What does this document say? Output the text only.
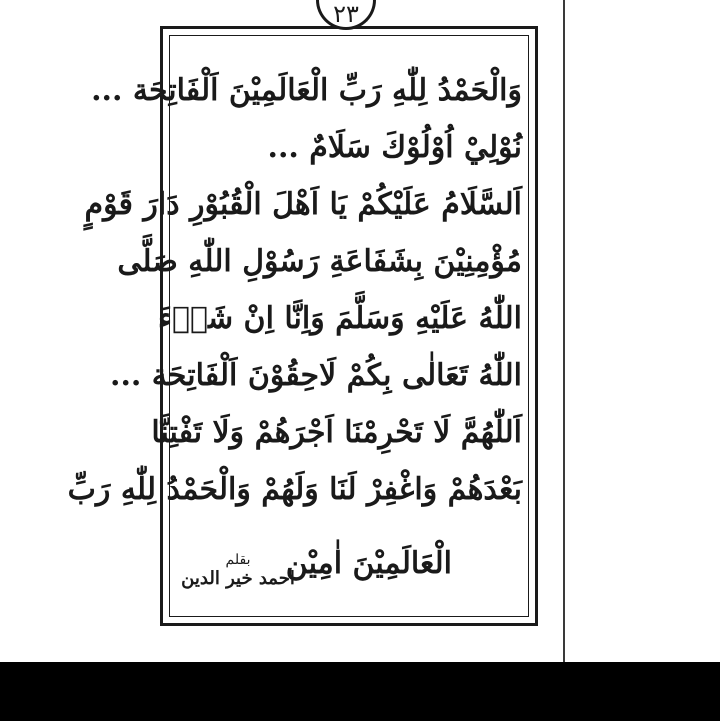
٢٣
وَالْحَمْدُ لِلّٰهِ رَبِّ الْعَالَمِيْنَ اَلْفَاتِحَة ...
نُوْلِيْ اُوْلُوْكَ سَلَامٌ ...
اَلسَّلَامُ عَلَيْكُمْ يَا اَهْلَ الْقُبُوْرِ دَارَ قَوْمٍ
مُؤْمِنِيْنَ بِشَفَاعَةِ رَسُوْلِ اللّٰهِ صَلَّى
اللّٰهُ عَلَيْهِ وَسَلَّمَ وَاِنَّا اِنْ شَاۤءَ
اللّٰهُ تَعَالٰى بِكُمْ لَاحِقُوْنَ اَلْفَاتِحَة ...
اَللّٰهُمَّ لَا تَحْرِمْنَا اَجْرَهُمْ وَلَا تَفْتِنَّا
بَعْدَهُمْ وَاغْفِرْ لَنَا وَلَهُمْ وَالْحَمْدُ لِلّٰهِ رَبِّ
الْعَالَمِيْنَ اٰمِيْن
بقلم
احمد خير الدين
